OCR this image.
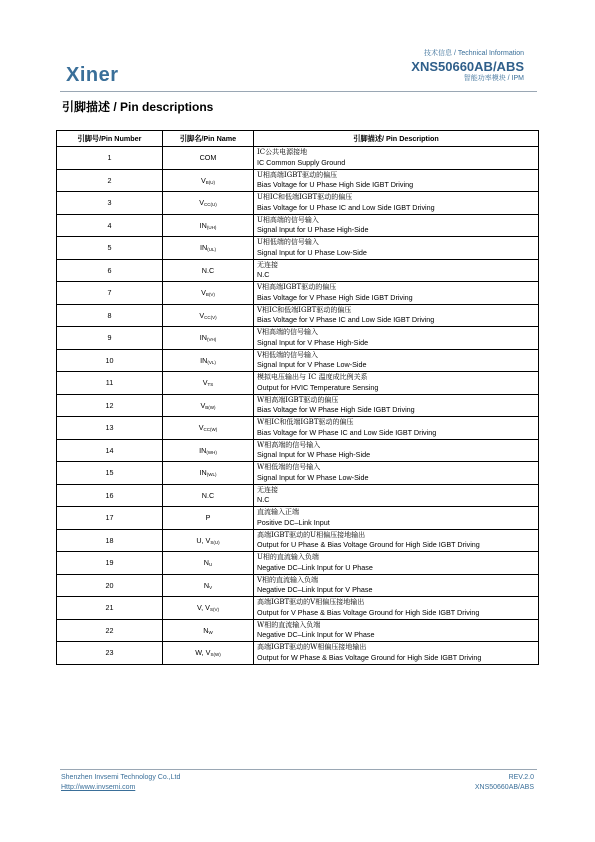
Xiner
技术信息 / Technical Information
XNS50660AB/ABS
智能功率模块 / IPM
引脚描述 / Pin descriptions
引脚号/Pin Number	引脚名/Pin Name	引脚描述/ Pin Description
1	COM	IC公共电源接地
IC Common Supply Ground

2	$V_{B(U)}$	U相高端IGBT驱动的偏压
Bias Voltage for U Phase High Side IGBT Driving

3	$V_{CC(U)}$	U相IC和低端IGBT驱动的偏压
Bias Voltage for U Phase IC and Low Side IGBT Driving

4	$IN_{(UH)}$	U相高端的信号输入
Signal Input for U Phase High-Side

5	$IN_{(UL)}$	U相低端的信号输入
Signal Input for U Phase Low-Side

6	N.C	无连接
N.C

7	$V_{B(V)}$	V相高端IGBT驱动的偏压
Bias Voltage for V Phase High Side IGBT Driving

8	$V_{CC(V)}$	V相IC和低端IGBT驱动的偏压
Bias Voltage for V Phase IC and Low Side IGBT Driving

9	$IN_{(VH)}$	V相高端的信号输入
Signal Input for V Phase High-Side

10	$IN_{(VL)}$	V相低端的信号输入
Signal Input for V Phase Low-Side

11	$V_{TS}$	模拟电压输出与 IC 温度成比例关系
Output for HVIC Temperature Sensing

12	$V_{B(W)}$	W相高端IGBT驱动的偏压
Bias Voltage for W Phase High Side IGBT Driving

13	$V_{CC(W)}$	W相IC和低端IGBT驱动的偏压
Bias Voltage for W Phase IC and Low Side IGBT Driving

14	$IN_{(WH)}$	W相高端的信号输入
Signal Input for W Phase High-Side

15	$IN_{(WL)}$	W相低端的信号输入
Signal Input for W Phase Low-Side

16	N.C	无连接
N.C

17	P	直流输入正端
Positive DC–Link Input

18	U, $V_{S(U)}$	高端IGBT驱动的U相偏压接地输出
Output for U Phase & Bias Voltage Ground for High Side IGBT Driving

19	$N_U$	U相的直流输入负端
Negative DC–Link Input for U Phase

20	$N_V$	V相的直流输入负端
Negative DC–Link Input for V Phase

21	V, $V_{S(V)}$	高端IGBT驱动的V相偏压接地输出
Output for V Phase & Bias Voltage Ground for High Side IGBT Driving

22	$N_W$	W相的直流输入负端
Negative DC–Link Input for W Phase

23	W, $V_{S(W)}$	高端IGBT驱动的W相偏压接地输出
Output for W Phase & Bias Voltage Ground for High Side IGBT Driving
Shenzhen Invsemi Technology Co.,Ltd
Http://www.invsemi.com
REV.2.0
XNS50660AB/ABS
